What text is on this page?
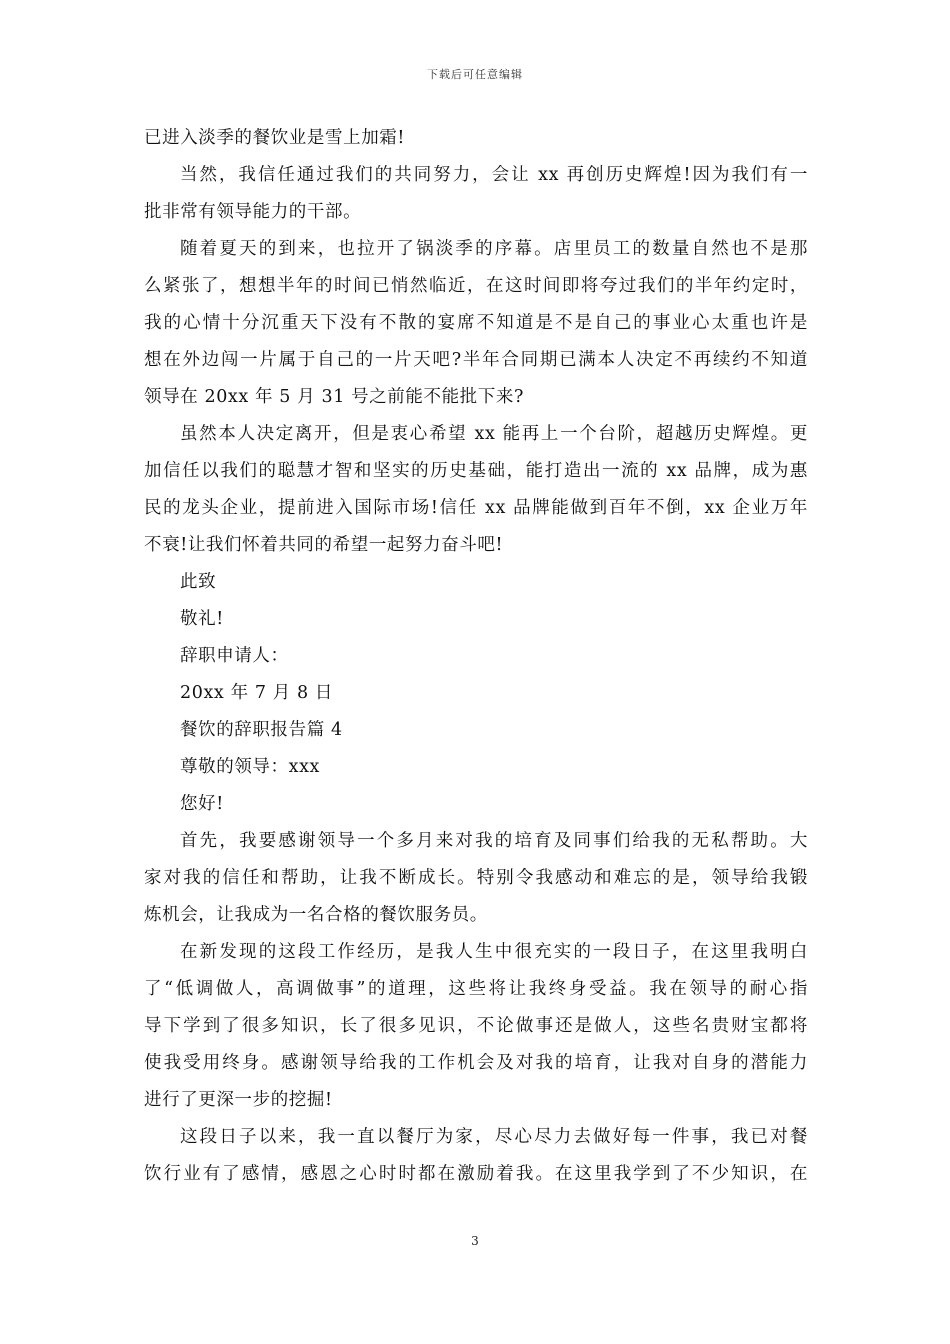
下载后可任意编辑
已进入淡季的餐饮业是雪上加霜!
当然，我信任通过我们的共同努力，会让 xx 再创历史辉煌!因为我们有一
批非常有领导能力的干部。
随着夏天的到来，也拉开了锅淡季的序幕。店里员工的数量自然也不是那
么紧张了，想想半年的时间已悄然临近，在这时间即将夸过我们的半年约定时，
我的心情十分沉重天下没有不散的宴席不知道是不是自己的事业心太重也许是
想在外边闯一片属于自己的一片天吧?半年合同期已满本人决定不再续约不知道
领导在 20xx 年 5 月 31 号之前能不能批下来?
虽然本人决定离开，但是衷心希望 xx 能再上一个台阶，超越历史辉煌。更
加信任以我们的聪慧才智和坚实的历史基础，能打造出一流的 xx 品牌，成为惠
民的龙头企业，提前进入国际市场!信任 xx 品牌能做到百年不倒，xx 企业万年
不衰!让我们怀着共同的希望一起努力奋斗吧!
此致
敬礼!
辞职申请人：
20xx 年 7 月 8 日
餐饮的辞职报告篇 4
尊敬的领导：xxx
您好!
首先，我要感谢领导一个多月来对我的培育及同事们给我的无私帮助。大
家对我的信任和帮助，让我不断成长。特别令我感动和难忘的是，领导给我锻
炼机会，让我成为一名合格的餐饮服务员。
在新发现的这段工作经历，是我人生中很充实的一段日子，在这里我明白
了“低调做人，高调做事”的道理，这些将让我终身受益。我在领导的耐心指
导下学到了很多知识，长了很多见识，不论做事还是做人，这些名贵财宝都将
使我受用终身。感谢领导给我的工作机会及对我的培育，让我对自身的潜能力
进行了更深一步的挖掘!
这段日子以来，我一直以餐厅为家，尽心尽力去做好每一件事，我已对餐
饮行业有了感情，感恩之心时时都在激励着我。在这里我学到了不少知识，在
3
